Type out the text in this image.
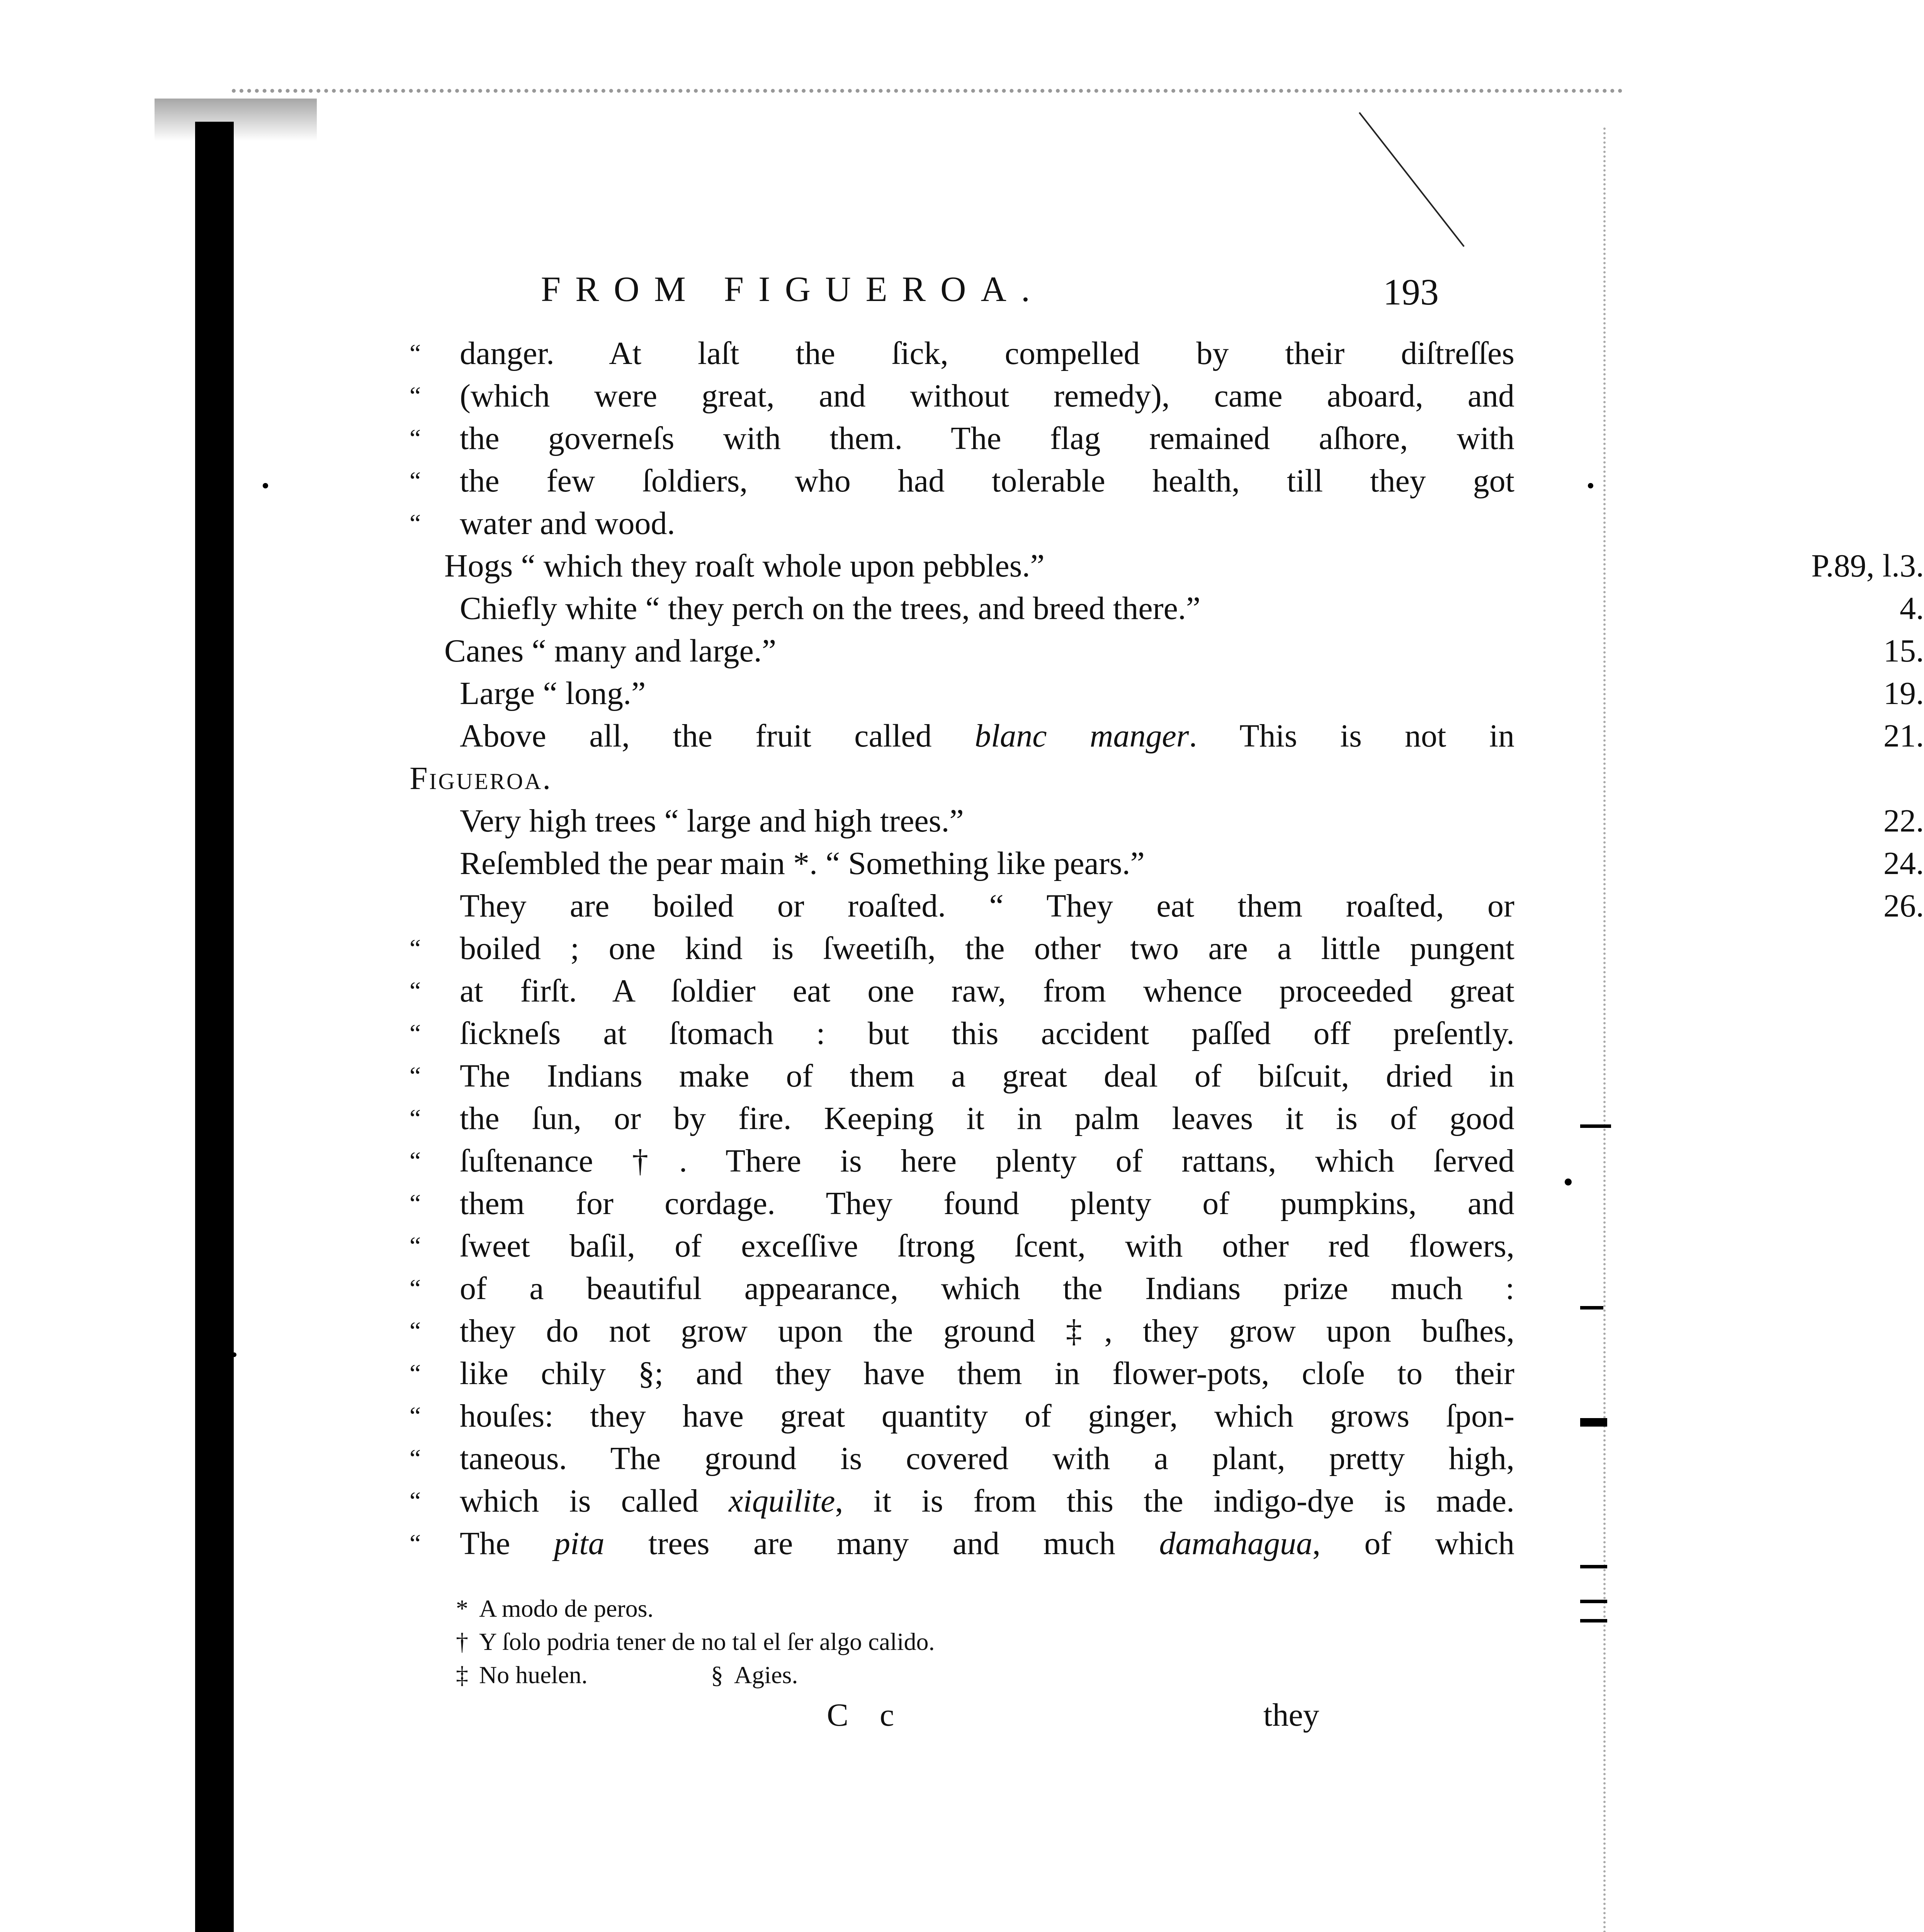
FROM FIGUEROA.	193
“	danger. At laſt the ſick, compelled by their diſtreſſes
“	(which were great, and without remedy), came aboard, and
“	the governeſs with them. The flag remained aſhore, with
“	the few ſoldiers, who had tolerable health, till they got
“	water and wood.
Hogs “ which they roaſt whole upon pebbles.”	P.89, l.3.
Chiefly white “ they perch on the trees, and breed there.”	4.
Canes “ many and large.”	15.
Large “ long.”	19.
Above all, the fruit called blanc manger. This is not in	21.
Figueroa.
Very high trees “ large and high trees.”	22.
Reſembled the pear main *. “ Something like pears.”	24.
They are boiled or roaſted. “ They eat them roaſted, or	26.
“	boiled ; one kind is ſweetiſh, the other two are a little pungent
“	at firſt. A ſoldier eat one raw, from whence proceeded great
“	ſickneſs at ſtomach : but this accident paſſed off preſently.
“	The Indians make of them a great deal of biſcuit, dried in
“	the ſun, or by fire. Keeping it in palm leaves it is of good
“	ſuſtenance †. There is here plenty of rattans, which ſerved
“	them for cordage. They found plenty of pumpkins, and
“	ſweet baſil, of exceſſive ſtrong ſcent, with other red flowers,
“	of a beautiful appearance, which the Indians prize much :
“	they do not grow upon the ground ‡, they grow upon buſhes,
“	like chily §; and they have them in flower-pots, cloſe to their
“	houſes: they have great quantity of ginger, which grows ſpon-
“	taneous. The ground is covered with a plant, pretty high,
“	which is called xiquilite, it is from this the indigo-dye is made.
“	The pita trees are many and much damahagua, of which
* A modo de peros.
† Y ſolo podria tener de no tal el ſer algo calido.
‡ No huelen.	§ Agies.
C c	they
